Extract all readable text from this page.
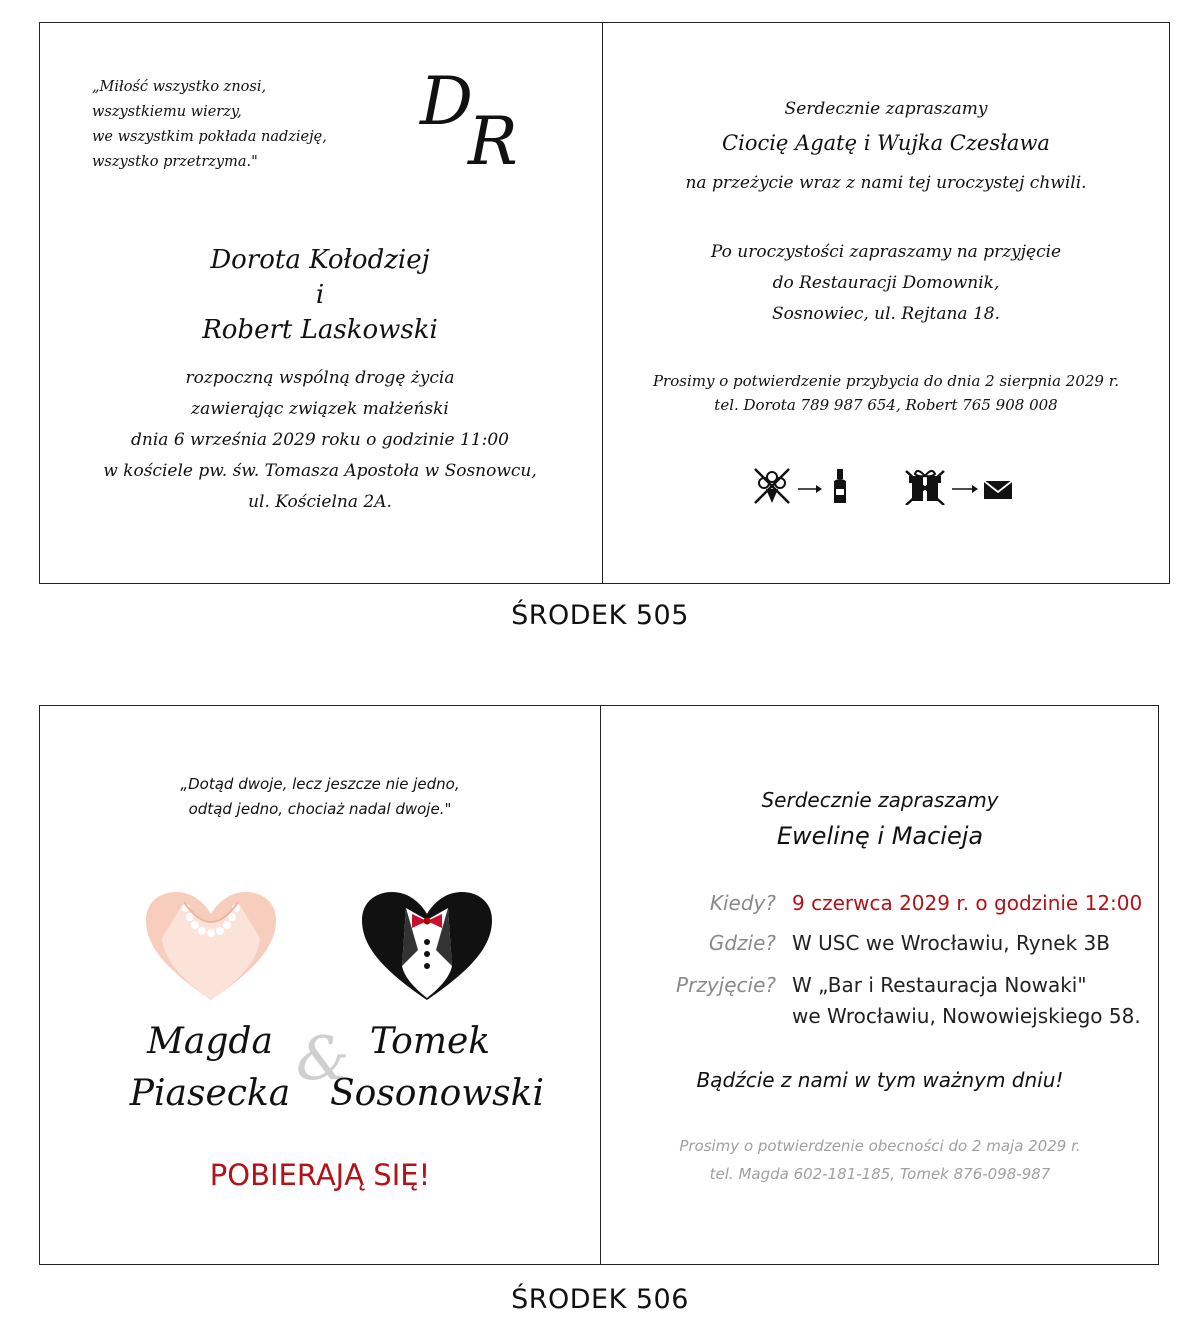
„Miłość wszystko znosi,
wszystkiemu wierzy,
we wszystkim pokłada nadzieję,
wszystko przetrzyma."
D
R
Dorota Kołodziej
i
Robert Laskowski
rozpoczną wspólną drogę życia
zawierając związek małżeński
dnia 6 września 2029 roku o godzinie 11:00
w kościele pw. św. Tomasza Apostoła w Sosnowcu,
ul. Kościelna 2A.
Serdecznie zapraszamy
Ciocię Agatę i Wujka Czesława
na przeżycie wraz z nami tej uroczystej chwili.
Po uroczystości zapraszamy na przyjęcie
do Restauracji Domownik,
Sosnowiec, ul. Rejtana 18.
Prosimy o potwierdzenie przybycia do dnia 2 sierpnia 2029 r.
tel. Dorota 789 987 654, Robert 765 908 008
ŚRODEK 505
„Dotąd dwoje, lecz jeszcze nie jedno,
odtąd jedno, chociaż nadal dwoje."
Magda
Piasecka & Tomek
Sosonowski
POBIERAJĄ SIĘ!
Serdecznie zapraszamy
Ewelinę i Macieja
Kiedy? 9 czerwca 2029 r. o godzinie 12:00
Gdzie? W USC we Wrocławiu, Rynek 3B
Przyjęcie? W „Bar i Restauracja Nowaki"
we Wrocławiu, Nowowiejskiego 58.
Bądźcie z nami w tym ważnym dniu!
Prosimy o potwierdzenie obecności do 2 maja 2029 r.
tel. Magda 602-181-185, Tomek 876-098-987
ŚRODEK 506
